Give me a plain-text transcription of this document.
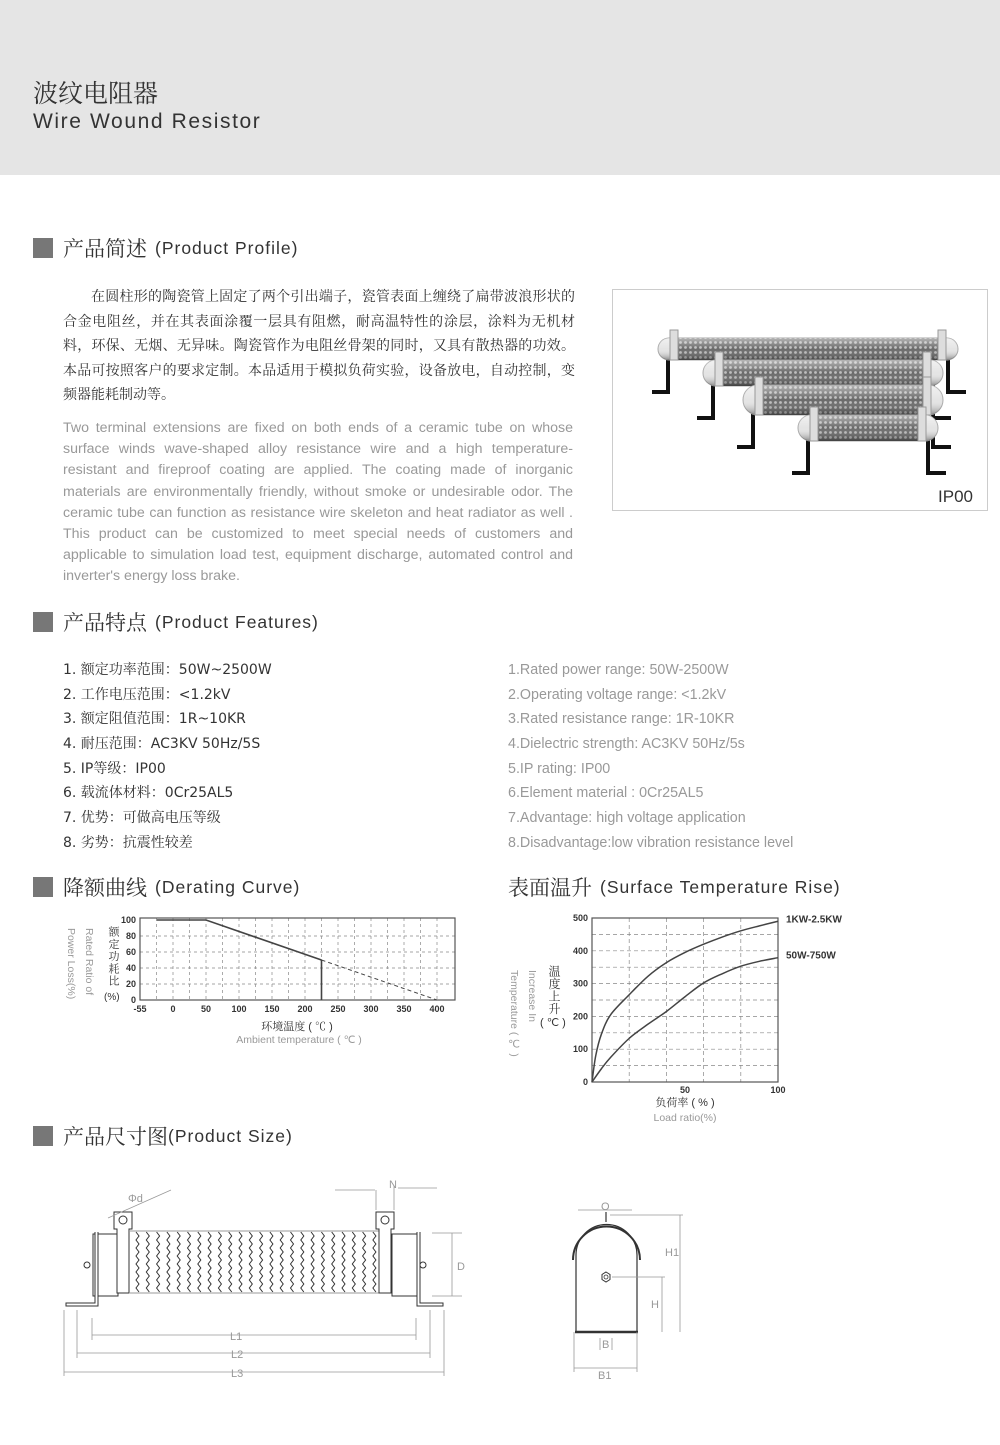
波纹电阻器
Wire Wound Resistor
产品简述 (Product Profile)

在圆柱形的陶瓷管上固定了两个引出端子，瓷管表面上缠绕了扁带波浪形状的合金电阻丝，并在其表面涂覆一层具有阻燃，耐高温特性的涂层，涂料为无机材料，环保、无烟、无异味。陶瓷管作为电阻丝骨架的同时，又具有散热器的功效。本品可按照客户的要求定制。本品适用于模拟负荷实验，设备放电，自动控制，变频器能耗制动等。

Two terminal extensions are fixed on both ends of a ceramic tube on whose surface winds wave-shaped alloy resistance wire and a high temperature-resistant and fireproof coating are applied. The coating made of inorganic materials are environmentally friendly, without smoke or undesirable odor. The ceramic tube can function as resistance wire skeleton and heat radiator as well . This product can be customized to meet special needs of customers and applicable to simulation load test, equipment discharge, automated control and inverter's energy loss brake.

IP00
产品特点 (Product Features)
1. 额定功率范围：50W~2500W
2. 工作电压范围：<1.2kV
3. 额定阻值范围：1R~10KR
4. 耐压范围：AC3KV 50Hz/5S
5. IP等级：IP00
6. 载流体材料：0Cr25AL5
7. 优势：可做高电压等级
8. 劣势：抗震性较差
1.Rated power range: 50W-2500W
2.Operating voltage range: <1.2kV
3.Rated resistance range: 1R-10KR
4.Dielectric strength: AC3KV 50Hz/5s
5.IP rating: IP00
6.Element material : 0Cr25AL5
7.Advantage: high voltage application
8.Disadvantage:low vibration resistance level
降额曲线 (Derating Curve)	表面温升 (Surface Temperature Rise)
额定功耗比
Rated Ratio of Power Loss(%)	温度上升
Increase In Temperature ( ℃ )
(%)
环境温度 ( ℃ )
Ambient temperature ( ℃ )
-55	0	50 100 150 200 250 300 350 400
0
20
40
60
80
100
( ℃ )
负荷率 ( % )
Load ratio(%)
50	100
0
100
200
300
400
500	1KW-2.5KW
50W-750W
产品尺寸图 (Product Size)
Φd
N
D
L1
L2
L3
O
H1
H
B
B1
